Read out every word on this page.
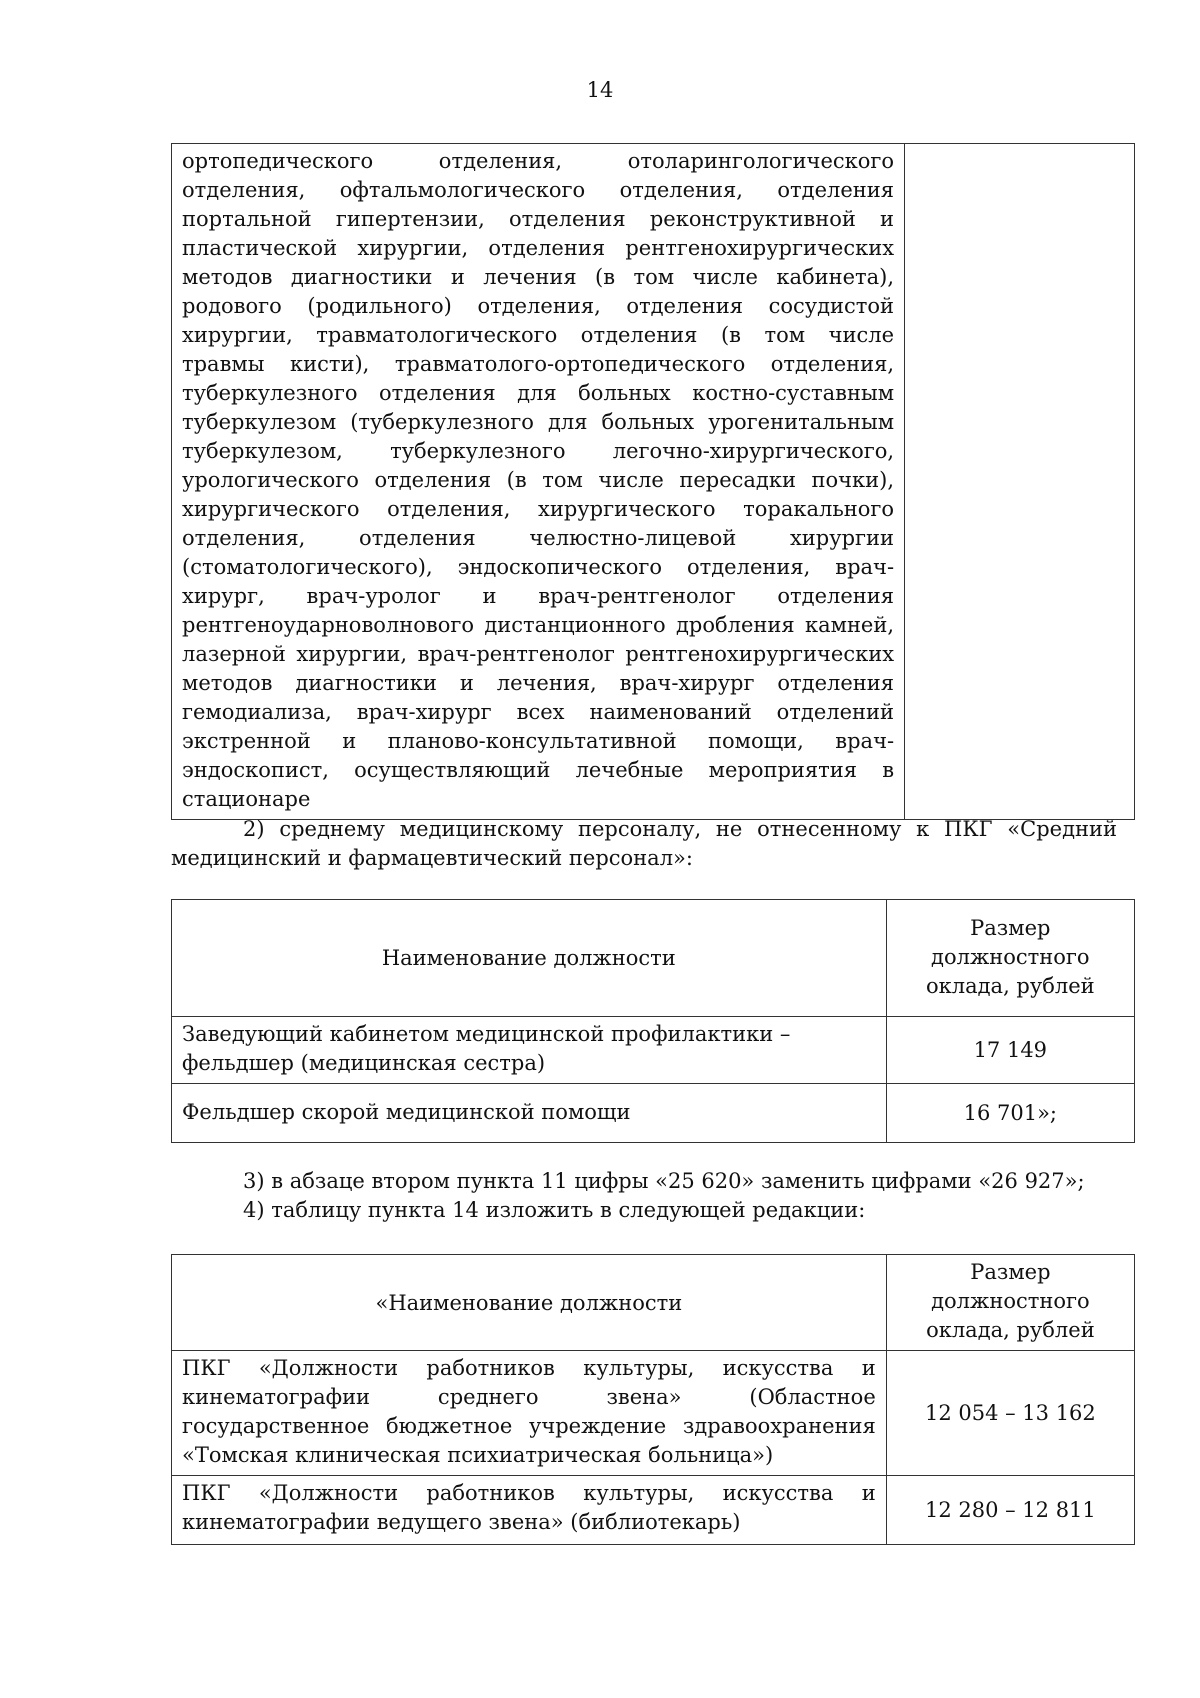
14
ортопедического отделения, отоларингологического отделения, офтальмологического отделения, отделения портальной гипертензии, отделения реконструктивной и пластической хирургии, отделения рентгенохирургических методов диагностики и лечения (в том числе кабинета), родового (родильного) отделения, отделения сосудистой хирургии, травматологического отделения (в том числе травмы кисти), травматолого-ортопедического отделения, туберкулезного отделения для больных костно-суставным туберкулезом (туберкулезного для больных урогенитальным туберкулезом, туберкулезного легочно-хирургического, урологического отделения (в том числе пересадки почки), хирургического отделения, хирургического торакального отделения, отделения челюстно-лицевой хирургии (стоматологического), эндоскопического отделения, врач-хирург, врач-уролог и врач-рентгенолог отделения рентгеноударноволнового дистанционного дробления камней, лазерной хирургии, врач-рентгенолог рентгенохирургических методов диагностики и лечения, врач-хирург отделения гемодиализа, врач-хирург всех наименований отделений экстренной и планово-консультативной помощи, врач-эндоскопист, осуществляющий лечебные мероприятия в стационаре

2) среднему медицинскому персоналу, не отнесенному к ПКГ «Средний медицинский и фармацевтический персонал»:
Наименование должности	Размер должностного оклада, рублей

Заведующий кабинетом медицинской профилактики – фельдшер (медицинская сестра)	17 149

Фельдшер скорой медицинской помощи	16 701»;
3) в абзаце втором пункта 11 цифры «25 620» заменить цифрами «26 927»;
4) таблицу пункта 14 изложить в следующей редакции:
«Наименование должности	Размер должностного оклада, рублей

ПКГ «Должности работников культуры, искусства и кинематографии среднего звена» (Областное государственное бюджетное учреждение здравоохранения «Томская клиническая психиатрическая больница»)	12 054 – 13 162

ПКГ «Должности работников культуры, искусства и кинематографии ведущего звена» (библиотекарь)	12 280 – 12 811
